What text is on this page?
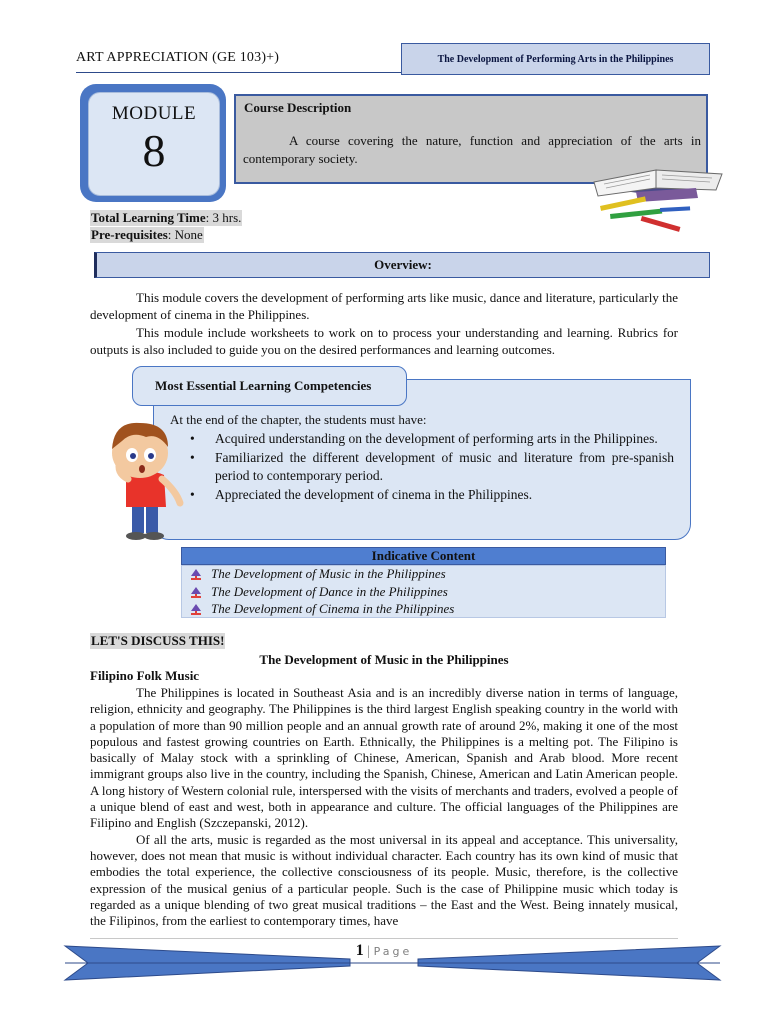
ART APPRECIATION (GE 103)+)	The Development of Performing Arts in the Philippines
MODULE
8
Course Description
A course covering the nature, function and appreciation of the arts in contemporary society.
Total Learning Time: 3 hrs.
Pre-requisites: None
Overview:
This module covers the development of performing arts like music, dance and literature, particularly the development of cinema in the Philippines.
This module include worksheets to work on to process your understanding and learning. Rubrics for outputs is also included to guide you on the desired performances and learning outcomes.
Most Essential Learning Competencies
At the end of the chapter, the students must have:
• Acquired understanding on the development of performing arts in the Philippines.
• Familiarized the different development of music and literature from pre-spanish period to contemporary period.
• Appreciated the development of cinema in the Philippines.
Indicative Content
The Development of Music in the Philippines
The Development of Dance in the Philippines
The Development of Cinema in the Philippines
LET'S DISCUSS THIS!
The Development of Music in the Philippines
Filipino Folk Music

The Philippines is located in Southeast Asia and is an incredibly diverse nation in terms of language, religion, ethnicity and geography. The Philippines is the third largest English speaking country in the world with a population of more than 90 million people and an annual growth rate of around 2%, making it one of the most populous and fastest growing countries on Earth. Ethnically, the Philippines is a melting pot. The Filipino is basically of Malay stock with a sprinkling of Chinese, American, Spanish and Arab blood. More recent immigrant groups also live in the country, including the Spanish, Chinese, American and Latin American people. A long history of Western colonial rule, interspersed with the visits of merchants and traders, evolved a people of a unique blend of east and west, both in appearance and culture. The official languages of the Philippines are Filipino and English (Szczepanski, 2012).

Of all the arts, music is regarded as the most universal in its appeal and acceptance. This universality, however, does not mean that music is without individual character. Each country has its own kind of music that embodies the total experience, the collective consciousness of its people. Music, therefore, is the collective expression of the musical genius of a particular people. Such is the case of Philippine music which today is regarded as a unique blending of two great musical traditions – the East and the West. Being innately musical, the Filipinos, from the earliest to contemporary times, have

1 | Page
